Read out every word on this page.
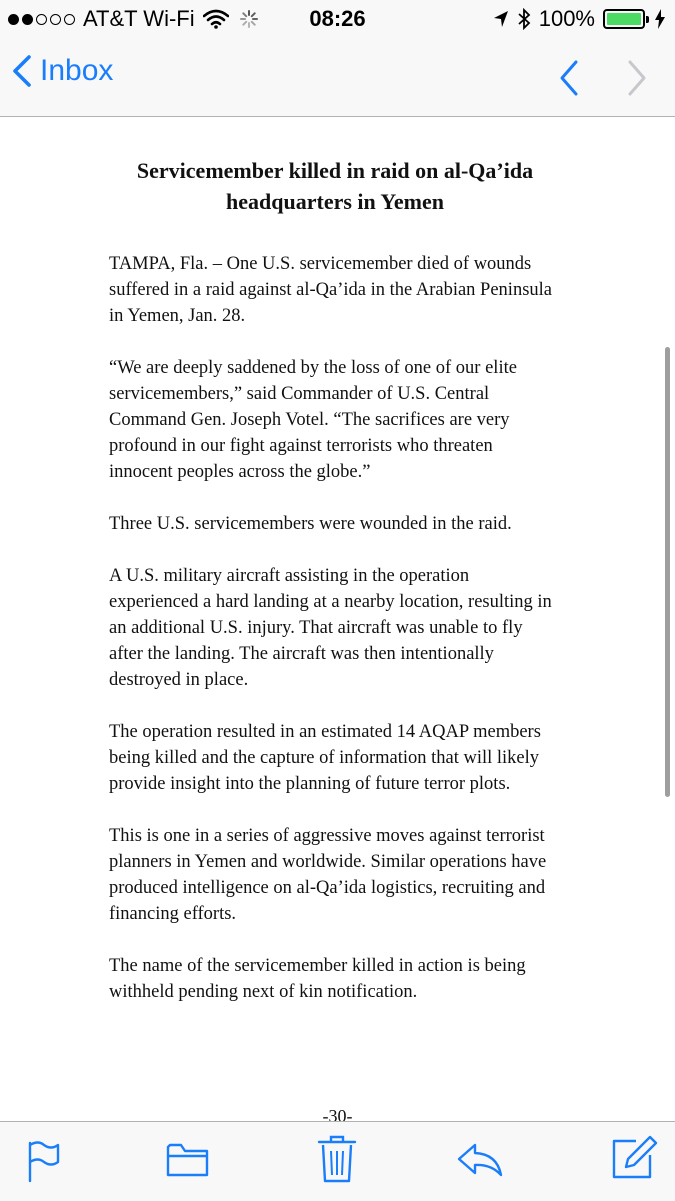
AT&T Wi-Fi	08:26	100%
Inbox
Servicemember killed in raid on al-Qa’ida headquarters in Yemen

TAMPA, Fla. – One U.S. servicemember died of wounds suffered in a raid against al-Qa’ida in the Arabian Peninsula in Yemen, Jan. 28.

“We are deeply saddened by the loss of one of our elite servicemembers,” said Commander of U.S. Central Command Gen. Joseph Votel. “The sacrifices are very profound in our fight against terrorists who threaten innocent peoples across the globe.”

Three U.S. servicemembers were wounded in the raid.

A U.S. military aircraft assisting in the operation experienced a hard landing at a nearby location, resulting in an additional U.S. injury. That aircraft was unable to fly after the landing. The aircraft was then intentionally destroyed in place.

The operation resulted in an estimated 14 AQAP members being killed and the capture of information that will likely provide insight into the planning of future terror plots.

This is one in a series of aggressive moves against terrorist planners in Yemen and worldwide. Similar operations have produced intelligence on al-Qa’ida logistics, recruiting and financing efforts.

The name of the servicemember killed in action is being withheld pending next of kin notification.

-30-
